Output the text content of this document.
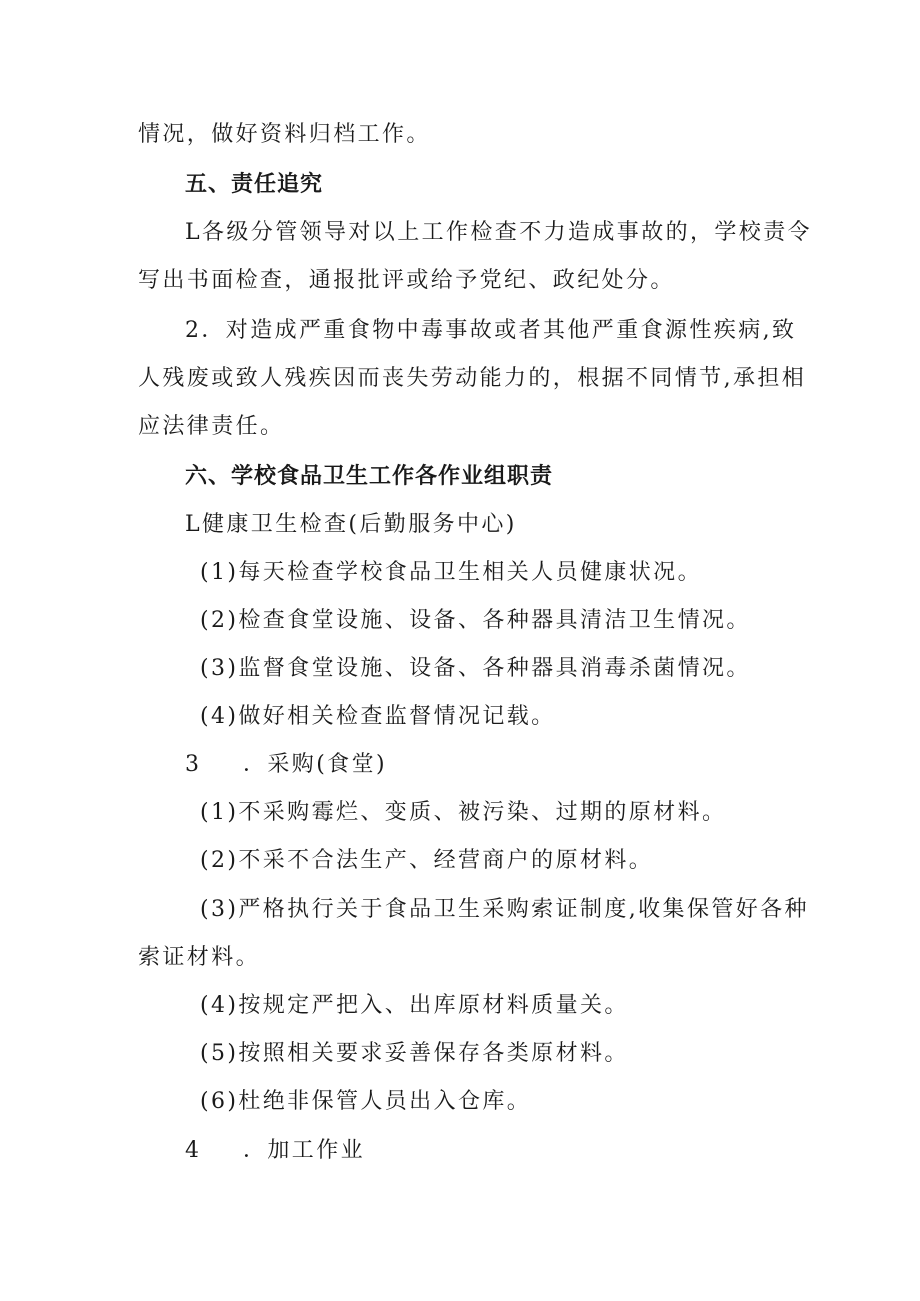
情况，做好资料归档工作。
五、责任追究
L各级分管领导对以上工作检查不力造成事故的，学校责令
写出书面检查，通报批评或给予党纪、政纪处分。
2．对造成严重食物中毒事故或者其他严重食源性疾病,致
人残废或致人残疾因而丧失劳动能力的，根据不同情节,承担相
应法律责任。
六、学校食品卫生工作各作业组职责
L健康卫生检查(后勤服务中心)
(1)每天检查学校食品卫生相关人员健康状况。
(2)检查食堂设施、设备、各种器具清洁卫生情况。
(3)监督食堂设施、设备、各种器具消毒杀菌情况。
(4)做好相关检查监督情况记载。
3 ．采购(食堂)
(1)不采购霉烂、变质、被污染、过期的原材料。
(2)不采不合法生产、经营商户的原材料。
(3)严格执行关于食品卫生采购索证制度,收集保管好各种
索证材料。
(4)按规定严把入、出库原材料质量关。
(5)按照相关要求妥善保存各类原材料。
(6)杜绝非保管人员出入仓库。
4 ．加工作业
